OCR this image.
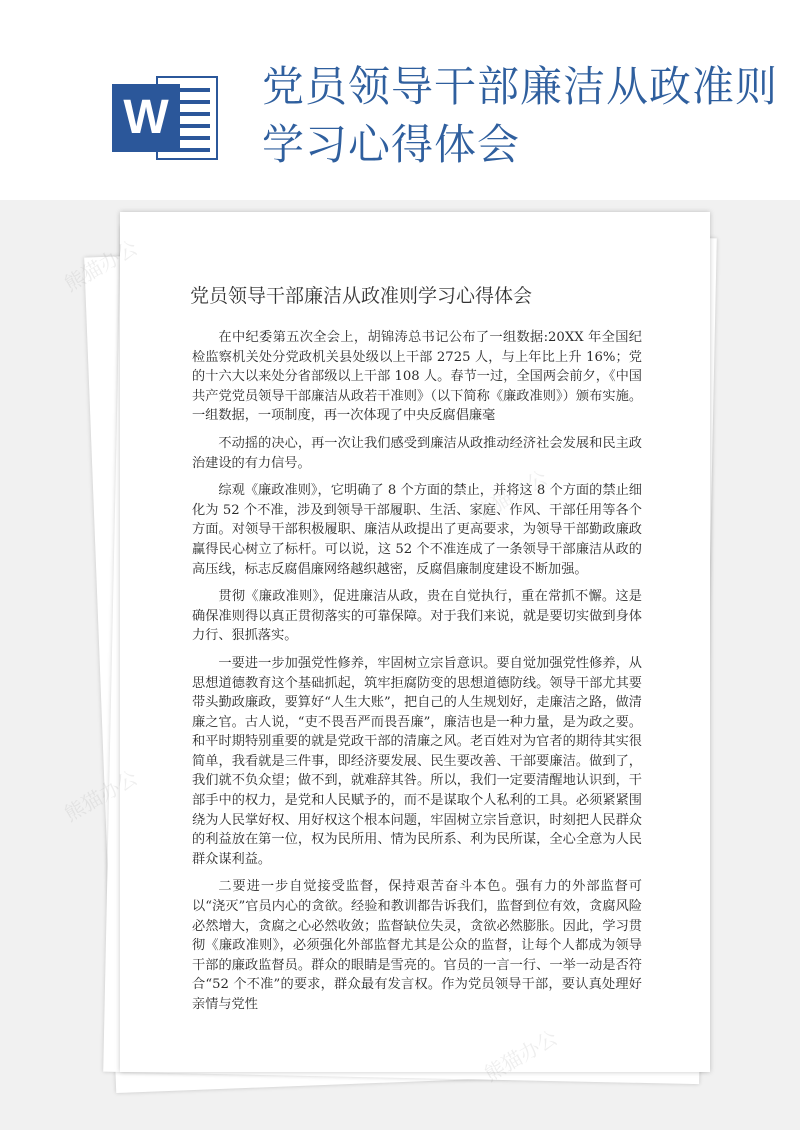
W
党员领导干部廉洁从政准则学习心得体会
党员领导干部廉洁从政准则学习心得体会

在中纪委第五次全会上，胡锦涛总书记公布了一组数据:20XX 年全国纪检监察机关处分党政机关县处级以上干部 2725 人，与上年比上升 16%；党的十六大以来处分省部级以上干部 108 人。春节一过，全国两会前夕，《中国共产党党员领导干部廉洁从政若干准则》（以下简称《廉政准则》）颁布实施。一组数据，一项制度，再一次体现了中央反腐倡廉毫

不动摇的决心，再一次让我们感受到廉洁从政推动经济社会发展和民主政治建设的有力信号。

综观《廉政准则》，它明确了 8 个方面的禁止，并将这 8 个方面的禁止细化为 52 个不准，涉及到领导干部履职、生活、家庭、作风、干部任用等各个方面。对领导干部积极履职、廉洁从政提出了更高要求，为领导干部勤政廉政赢得民心树立了标杆。可以说，这 52 个不准连成了一条领导干部廉洁从政的高压线，标志反腐倡廉网络越织越密，反腐倡廉制度建设不断加强。

贯彻《廉政准则》，促进廉洁从政，贵在自觉执行，重在常抓不懈。这是确保准则得以真正贯彻落实的可靠保障。对于我们来说，就是要切实做到身体力行、狠抓落实。

一要进一步加强党性修养，牢固树立宗旨意识。要自觉加强党性修养，从思想道德教育这个基础抓起，筑牢拒腐防变的思想道德防线。领导干部尤其要带头勤政廉政，要算好“人生大账”，把自己的人生规划好，走廉洁之路，做清廉之官。古人说，“吏不畏吾严而畏吾廉”，廉洁也是一种力量，是为政之要。和平时期特别重要的就是党政干部的清廉之风。老百姓对为官者的期待其实很简单，我看就是三件事，即经济要发展、民生要改善、干部要廉洁。做到了，我们就不负众望；做不到，就难辞其咎。所以，我们一定要清醒地认识到，干部手中的权力，是党和人民赋予的，而不是谋取个人私利的工具。必须紧紧围绕为人民掌好权、用好权这个根本问题，牢固树立宗旨意识，时刻把人民群众的利益放在第一位，权为民所用、情为民所系、利为民所谋，全心全意为人民群众谋利益。

二要进一步自觉接受监督，保持艰苦奋斗本色。强有力的外部监督可以“浇灭”官员内心的贪欲。经验和教训都告诉我们，监督到位有效，贪腐风险必然增大，贪腐之心必然收敛；监督缺位失灵，贪欲必然膨胀。因此，学习贯彻《廉政准则》，必须强化外部监督尤其是公众的监督，让每个人都成为领导干部的廉政监督员。群众的眼睛是雪亮的。官员的一言一行、一举一动是否符合“52 个不准”的要求，群众最有发言权。作为党员领导干部，要认真处理好亲情与党性

熊猫办公
